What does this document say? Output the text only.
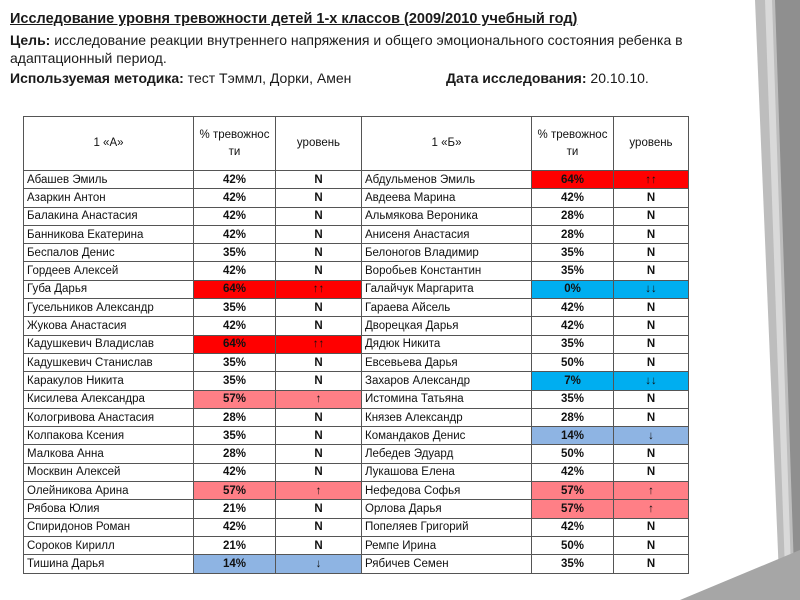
Исследование уровня тревожности детей 1-х классов (2009/2010 учебный год)
Цель: исследование реакции внутреннего напряжения и общего эмоционального состояния ребенка в адаптационный период.
Используемая методика: тест Тэммл, Дорки, Амен	Дата исследования: 20.10.10.
1 «А»	% тревожнос ти	уровень	1 «Б»	% тревожнос ти	уровень
Абашев Эмиль	42%	N	Абдульменов Эмиль	64%	↑↑
Азаркин Антон	42%	N	Авдеева Марина	42%	N
Балакина Анастасия	42%	N	Альмякова Вероника	28%	N
Банникова Екатерина	42%	N	Анисеня Анастасия	28%	N
Беспалов Денис	35%	N	Белоногов Владимир	35%	N
Гордеев Алексей	42%	N	Воробьев Константин	35%	N
Губа Дарья	64%	↑↑	Галайчук Маргарита	0%	↓↓
Гусельников Александр	35%	N	Гараева Айсель	42%	N
Жукова Анастасия	42%	N	Дворецкая Дарья	42%	N
Кадушкевич Владислав	64%	↑↑	Дядюк Никита	35%	N
Кадушкевич Станислав	35%	N	Евсевьева Дарья	50%	N
Каракулов Никита	35%	N	Захаров Александр	7%	↓↓
Кисилева Александра	57%	↑	Истомина Татьяна	35%	N
Кологривова Анастасия	28%	N	Князев Александр	28%	N
Колпакова Ксения	35%	N	Командаков Денис	14%	↓
Малкова Анна	28%	N	Лебедев Эдуард	50%	N
Москвин Алексей	42%	N	Лукашова Елена	42%	N
Олейникова Арина	57%	↑	Нефедова Софья	57%	↑
Рябова Юлия	21%	N	Орлова Дарья	57%	↑
Спиридонов Роман	42%	N	Попеляев Григорий	42%	N
Сороков Кирилл	21%	N	Ремпе Ирина	50%	N
Тишина Дарья	14%	↓	Рябичев Семен	35%	N
